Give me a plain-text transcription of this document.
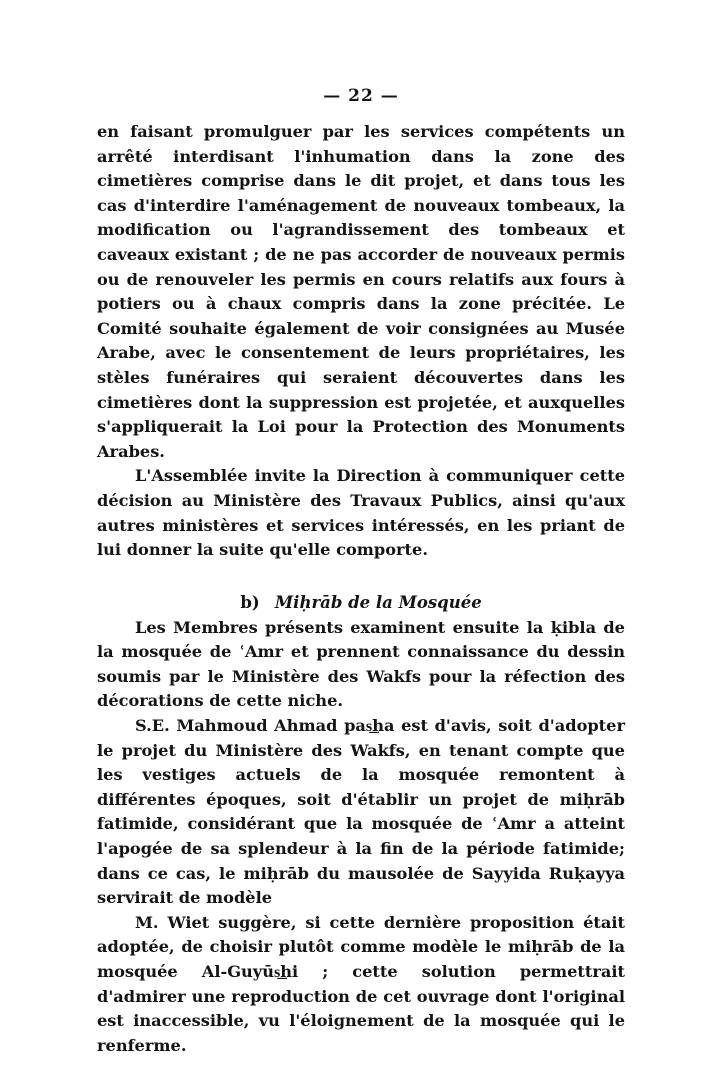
— 22 —

en faisant promulguer par les services compétents un arrêté interdisant l'inhumation dans la zone des cimetières comprise dans le dit projet, et dans tous les cas d'interdire l'aménagement de nouveaux tombeaux, la modification ou l'agrandissement des tombeaux et caveaux existant ; de ne pas accorder de nouveaux permis ou de renouveler les permis en cours relatifs aux fours à potiers ou à chaux compris dans la zone précitée. Le Comité souhaite également de voir consignées au Musée Arabe, avec le consentement de leurs propriétaires, les stèles funéraires qui seraient découvertes dans les cimetières dont la suppression est projetée, et auxquelles s'appliquerait la Loi pour la Protection des Monuments Arabes.

L'Assemblée invite la Direction à communiquer cette décision au Ministère des Travaux Publics, ainsi qu'aux autres ministères et services intéressés, en les priant de lui donner la suite qu'elle comporte.

b) Miḥrāb de la Mosquée

Les Membres présents examinent ensuite la ḳibla de la mosquée de ʿAmr et prennent connaissance du dessin soumis par le Ministère des Wakfs pour la réfection des décorations de cette niche.

S.E. Mahmoud Ahmad pas͟ha est d'avis, soit d'adopter le projet du Ministère des Wakfs, en tenant compte que les vestiges actuels de la mosquée remontent à différentes époques, soit d'établir un projet de miḥrāb fatimide, considérant que la mosquée de ʿAmr a atteint l'apogée de sa splendeur à la fin de la période fatimide; dans ce cas, le miḥrāb du mausolée de Sayyida Ruḳayya servirait de modèle

M. Wiet suggère, si cette dernière proposition était adoptée, de choisir plutôt comme modèle le miḥrāb de la mosquée Al-Guyūs͟hi ; cette solution permettrait d'admirer une reproduction de cet ouvrage dont l'original est inaccessible, vu l'éloignement de la mosquée qui le renferme.
